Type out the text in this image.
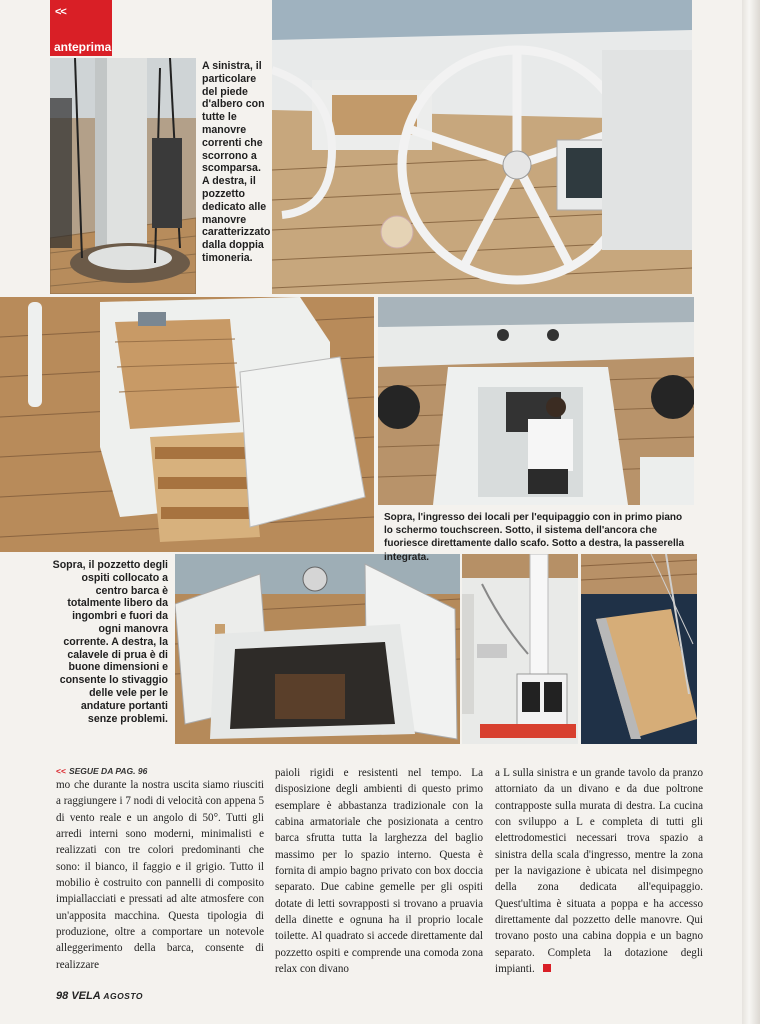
<<
anteprima
A sinistra, il particolare del piede d'albero con tutte le manovre correnti che scorrono a scomparsa. A destra, il pozzetto dedicato alle manovre caratterizzato dalla doppia timoneria.
Sopra, l'ingresso dei locali per l'equipaggio con in primo piano lo schermo touchscreen. Sotto, il sistema dell'ancora che fuoriesce direttamente dallo scafo. Sotto a destra, la passerella integrata.
Sopra, il pozzetto degli ospiti collocato a centro barca è totalmente libero da ingombri e fuori da ogni manovra corrente. A destra, la calavele di prua è di buone dimensioni e consente lo stivaggio delle vele per le andature portanti senze problemi.
<< SEGUE DA PAG. 96
mo che durante la nostra uscita siamo riusciti a raggiungere i 7 nodi di velocità con appena 5 di vento reale e un angolo di 50°. Tutti gli arredi interni sono moderni, minimalisti e realizzati con tre colori predominanti che sono: il bianco, il faggio e il grigio. Tutto il mobilio è costruito con pannelli di composito impiallacciati e pressati ad alte atmosfere con un'apposita macchina. Questa tipologia di produzione, oltre a comportare un notevole alleggerimento della barca, consente di realizzare
paioli rigidi e resistenti nel tempo. La disposizione degli ambienti di questo primo esemplare è abbastanza tradizionale con la cabina armatoriale che posizionata a centro barca sfrutta tutta la larghezza del baglio massimo per lo spazio interno. Questa è fornita di ampio bagno privato con box doccia separato. Due cabine gemelle per gli ospiti dotate di letti sovrapposti si trovano a pruavia della dinette e ognuna ha il proprio locale toilette. Al quadrato si accede direttamente dal pozzetto ospiti e comprende una comoda zona relax con divano
a L sulla sinistra e un grande tavolo da pranzo attorniato da un divano e da due poltrone contrapposte sulla murata di destra. La cucina con sviluppo a L e completa di tutti gli elettrodomestici necessari trova spazio a sinistra della scala d'ingresso, mentre la zona per la navigazione è ubicata nel disimpegno della zona dedicata all'equipaggio. Quest'ultima è situata a poppa e ha accesso direttamente dal pozzetto delle manovre. Qui trovano posto una cabina doppia e un bagno separato. Completa la dotazione degli impianti.
98 VELA AGOSTO
